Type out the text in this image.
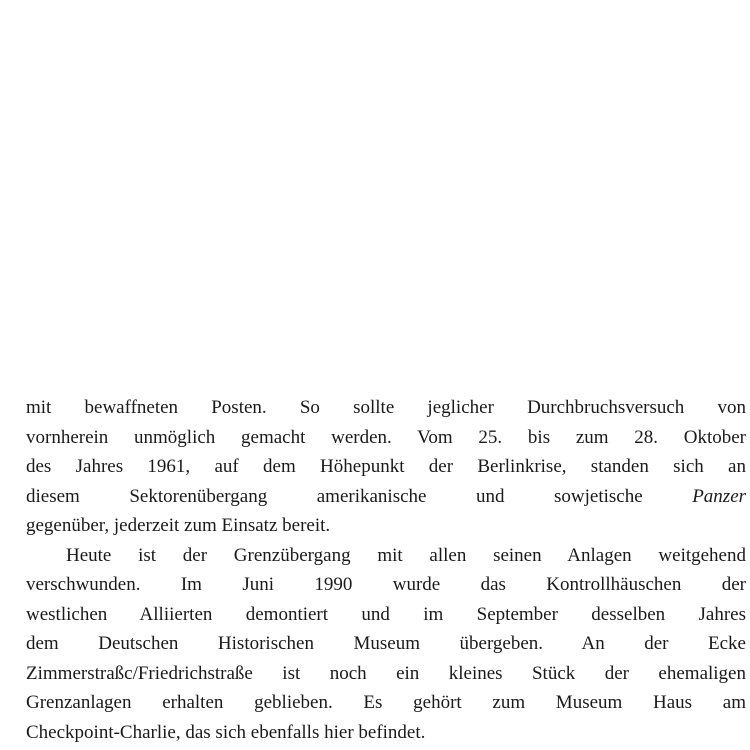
mit bewaffneten Posten. So sollte jeglicher Durchbruchsversuch von
vornherein unmöglich gemacht werden. Vom 25. bis zum 28. Oktober
des Jahres 1961, auf dem Höhepunkt der Berlinkrise, standen sich an
diesem Sektorenübergang amerikanische und sowjetische	Panzer
gegenüber, jederzeit zum Einsatz bereit.
Heute ist der Grenzübergang mit allen seinen Anlagen weitgehend
verschwunden. Im Juni 1990 wurde das Kontrollhäuschen der
westlichen Alliierten demontiert und im September desselben Jahres
dem Deutschen Historischen Museum übergeben. An der Ecke
Zimmerstraßc/Friedrichstraße ist noch ein kleines Stück der ehemaligen
Grenzanlagen erhalten geblieben. Es gehört zum Museum Haus am
Checkpoint-Charlie, das sich ebenfalls hier befindet.
